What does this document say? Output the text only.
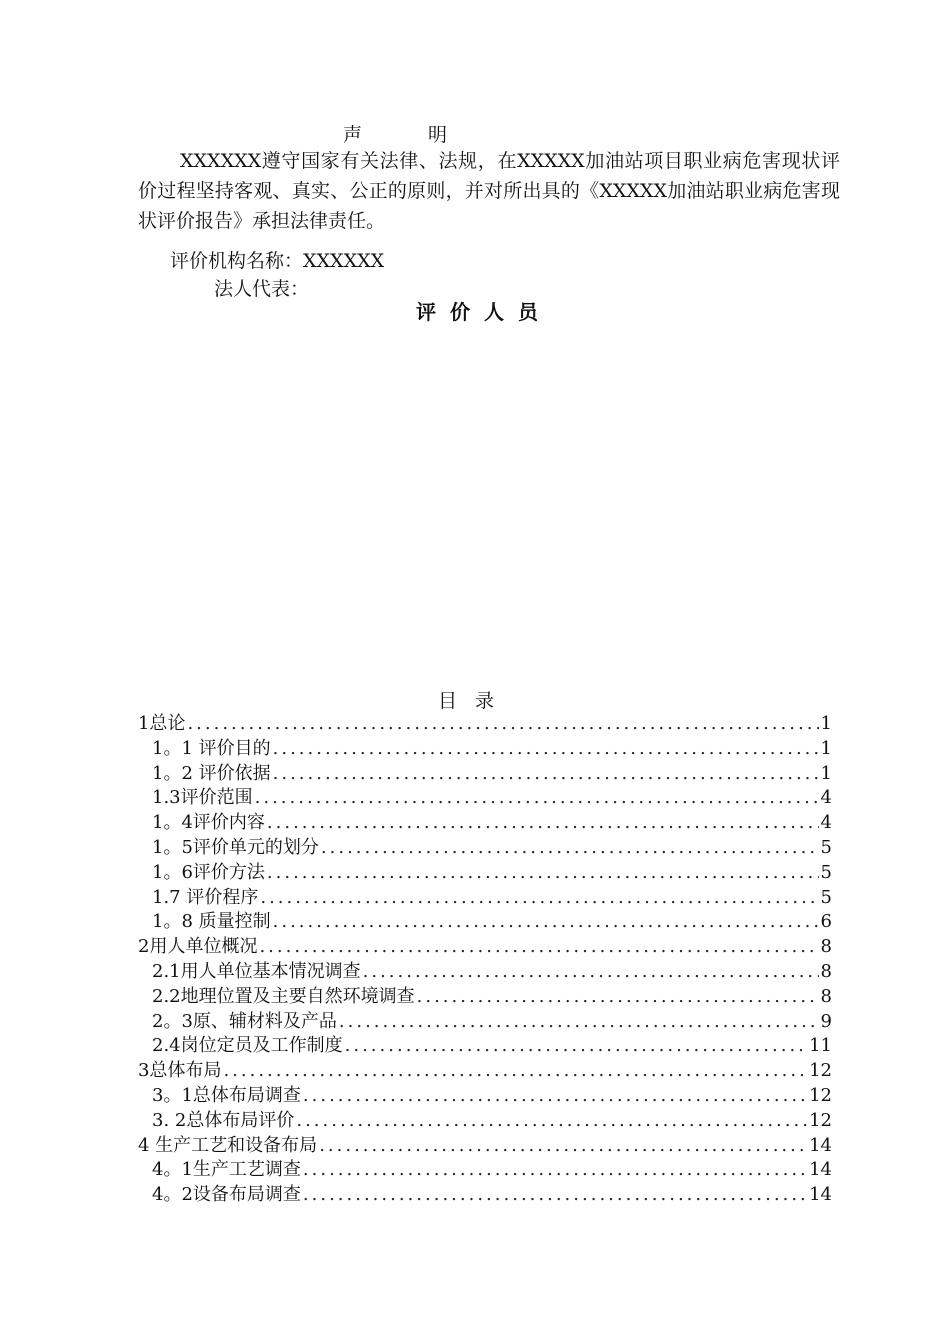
声 明
XXXXXX遵守国家有关法律、法规，在XXXXX加油站项目职业病危害现状评价过程坚持客观、真实、公正的原则，并对所出具的《XXXXX加油站职业病危害现状评价报告》承担法律责任。
评价机构名称：XXXXXX
法人代表：
评价人员
目录
1总论 .....	1
1。1 评价目的 .....	1
1。2 评价依据 .....	1
1.3评价范围 .....	4
1。4评价内容 .....	4
1。5评价单元的划分 .....	5
1。6评价方法 .....	5
1.7 评价程序 .....	5
1。8 质量控制 .....	6
2用人单位概况 .....	8
2.1用人单位基本情况调查 .....	8
2.2地理位置及主要自然环境调查 .....	8
2。3原、辅材料及产品 .....	9
2.4岗位定员及工作制度 .....	11
3总体布局 .....	12
3。1总体布局调查 .....	12
3. 2总体布局评价 .....	12
4 生产工艺和设备布局 .....	14
4。1生产工艺调查 .....	14
4。2设备布局调查 .....	14
